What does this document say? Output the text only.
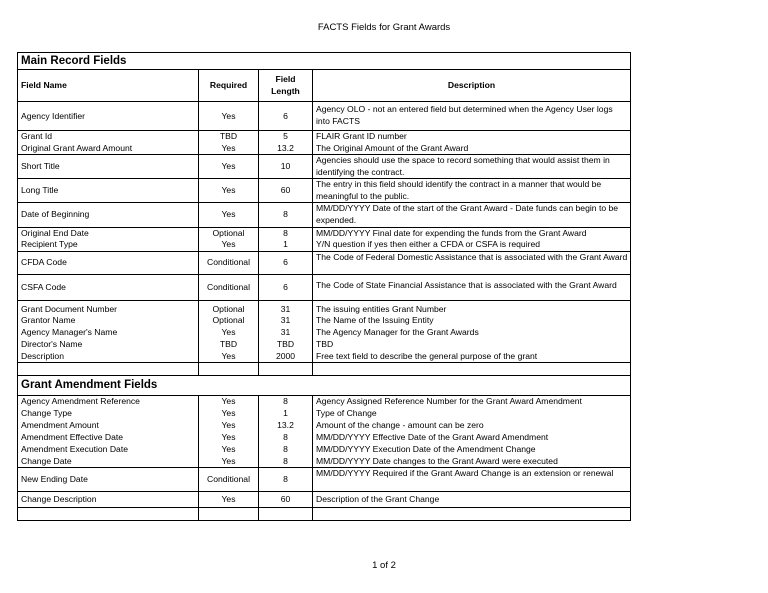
FACTS Fields for Grant Awards
Main Record Fields			
Field Name	Required	Field Length	Description
Agency Identifier	Yes	6	Agency OLO - not an entered field but determined when the Agency User logs into FACTS
Grant Id	TBD	5	FLAIR Grant ID number
Original Grant Award Amount	Yes	13.2	The Original Amount of the Grant Award
Short Title	Yes	10	Agencies should use the space to record something that would assist them in identifying the contract.
Long Title	Yes	60	The entry in this field should identify the contract in a manner that would be meaningful to the public.
Date of Beginning	Yes	8	MM/DD/YYYY Date of the start of the Grant Award - Date funds can begin to be expended.
Original End Date	Optional	8	MM/DD/YYYY Final date for expending the funds from the Grant Award
Recipient Type	Yes	1	Y/N question if yes then either a CFDA or CSFA is required
CFDA Code	Conditional	6	The Code of Federal Domestic Assistance that is associated with the Grant Award
CSFA Code	Conditional	6	The Code of State Financial Assistance that is associated with the Grant Award
Grant Document Number	Optional	31	The issuing entities Grant Number
Grantor Name	Optional	31	The Name of the Issuing Entity
Agency Manager's Name	Yes	31	The Agency Manager for the Grant Awards
Director's Name	TBD	TBD	TBD
Description	Yes	2000	Free text field to describe the general purpose of the grant

Grant Amendment Fields			
Agency Amendment Reference	Yes	8	Agency Assigned Reference Number for the Grant Award Amendment
Change Type	Yes	1	Type of Change
Amendment Amount	Yes	13.2	Amount of the change - amount can be zero
Amendment Effective Date	Yes	8	MM/DD/YYYY Effective Date of the Grant Award Amendment
Amendment Execution Date	Yes	8	MM/DD/YYYY Execution Date of the Amendment Change
Change Date	Yes	8	MM/DD/YYYY Date changes to the Grant Award were executed
New Ending Date	Conditional	8	MM/DD/YYYY Required if the Grant Award Change is an extension or renewal
Change Description	Yes	60	Description of the Grant Change

1 of 2
